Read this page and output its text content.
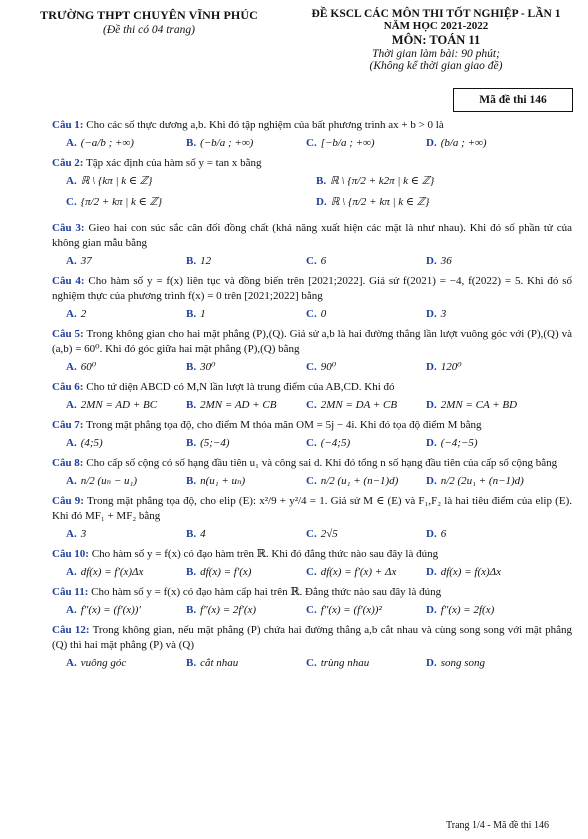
TRƯỜNG THPT CHUYÊN VĨNH PHÚC
(Đề thi có 04 trang)
ĐỀ KSCL CÁC MÔN THI TỐT NGHIỆP - LẦN 1
NĂM HỌC 2021-2022
MÔN: TOÁN 11
Thời gian làm bài: 90 phút;
(Không kể thời gian giao đề)
Mã đề thi 146
Câu 1: Cho các số thực dương a,b. Khi đó tập nghiệm của bất phương trình ax + b > 0 là
A. (−a/b ; +∞)	B. (−b/a ; +∞)	C. [−b/a ; +∞)	D. (b/a ; +∞)
Câu 2: Tập xác định của hàm số y = tan x bằng
A. ℝ \ {kπ | k ∈ ℤ}	B. ℝ \ {π/2 + k2π | k ∈ ℤ}
C. {π/2 + kπ | k ∈ ℤ}	D. ℝ \ {π/2 + kπ | k ∈ ℤ}
Câu 3: Gieo hai con súc sắc cân đối đồng chất (khả năng xuất hiện các mặt là như nhau). Khi đó số phần tử của không gian mẫu bằng
A. 37	B. 12	C. 6	D. 36
Câu 4: Cho hàm số y = f(x) liên tục và đồng biến trên [2021;2022]. Giả sử f(2021) = −4, f(2022) = 5. Khi đó số nghiệm thực của phương trình f(x) = 0 trên [2021;2022] bằng
A. 2	B. 1	C. 0	D. 3
Câu 5: Trong không gian cho hai mặt phẳng (P),(Q). Giả sử a,b là hai đường thẳng lần lượt vuông góc với (P),(Q) và (a,b) = 60⁰. Khi đó góc giữa hai mặt phẳng (P),(Q) bằng
A. 60⁰	B. 30⁰	C. 90⁰	D. 120⁰
Câu 6: Cho tứ diện ABCD có M,N lần lượt là trung điểm của AB,CD. Khi đó
A. 2MN = AD + BC	B. 2MN = AD + CB	C. 2MN = DA + CB	D. 2MN = CA + BD
Câu 7: Trong mặt phẳng tọa độ, cho điểm M thỏa mãn OM = 5j − 4i. Khi đó tọa độ điểm M bằng
A. (4;5)	B. (5;−4)	C. (−4;5)	D. (−4;−5)
Câu 8: Cho cấp số cộng có số hạng đầu tiên u₁ và công sai d. Khi đó tổng n số hạng đầu tiên của cấp số cộng bằng
A. n/2 (uₙ − u₁)	B. n(u₁ + uₙ)	C. n/2 (u₁ + (n−1)d)	D. n/2 (2u₁ + (n−1)d)
Câu 9: Trong mặt phẳng tọa độ, cho elip (E): x²/9 + y²/4 = 1. Giả sử M ∈ (E) và F₁,F₂ là hai tiêu điểm của elip (E). Khi đó MF₁ + MF₂ bằng
A. 3	B. 4	C. 2√5	D. 6
Câu 10: Cho hàm số y = f(x) có đạo hàm trên ℝ. Khi đó đẳng thức nào sau đây là đúng
A. df(x) = f′(x)Δx	B. df(x) = f′(x)	C. df(x) = f′(x) + Δx	D. df(x) = f(x)Δx
Câu 11: Cho hàm số y = f(x) có đạo hàm cấp hai trên ℝ. Đẳng thức nào sau đây là đúng
A. f″(x) = (f′(x))′	B. f″(x) = 2f′(x)	C. f″(x) = (f′(x))²	D. f″(x) = 2f(x)
Câu 12: Trong không gian, nếu mặt phẳng (P) chứa hai đường thẳng a,b cắt nhau và cùng song song với mặt phẳng (Q) thì hai mặt phẳng (P) và (Q)
A. vuông góc	B. cắt nhau	C. trùng nhau	D. song song
Trang 1/4 - Mã đề thi 146
